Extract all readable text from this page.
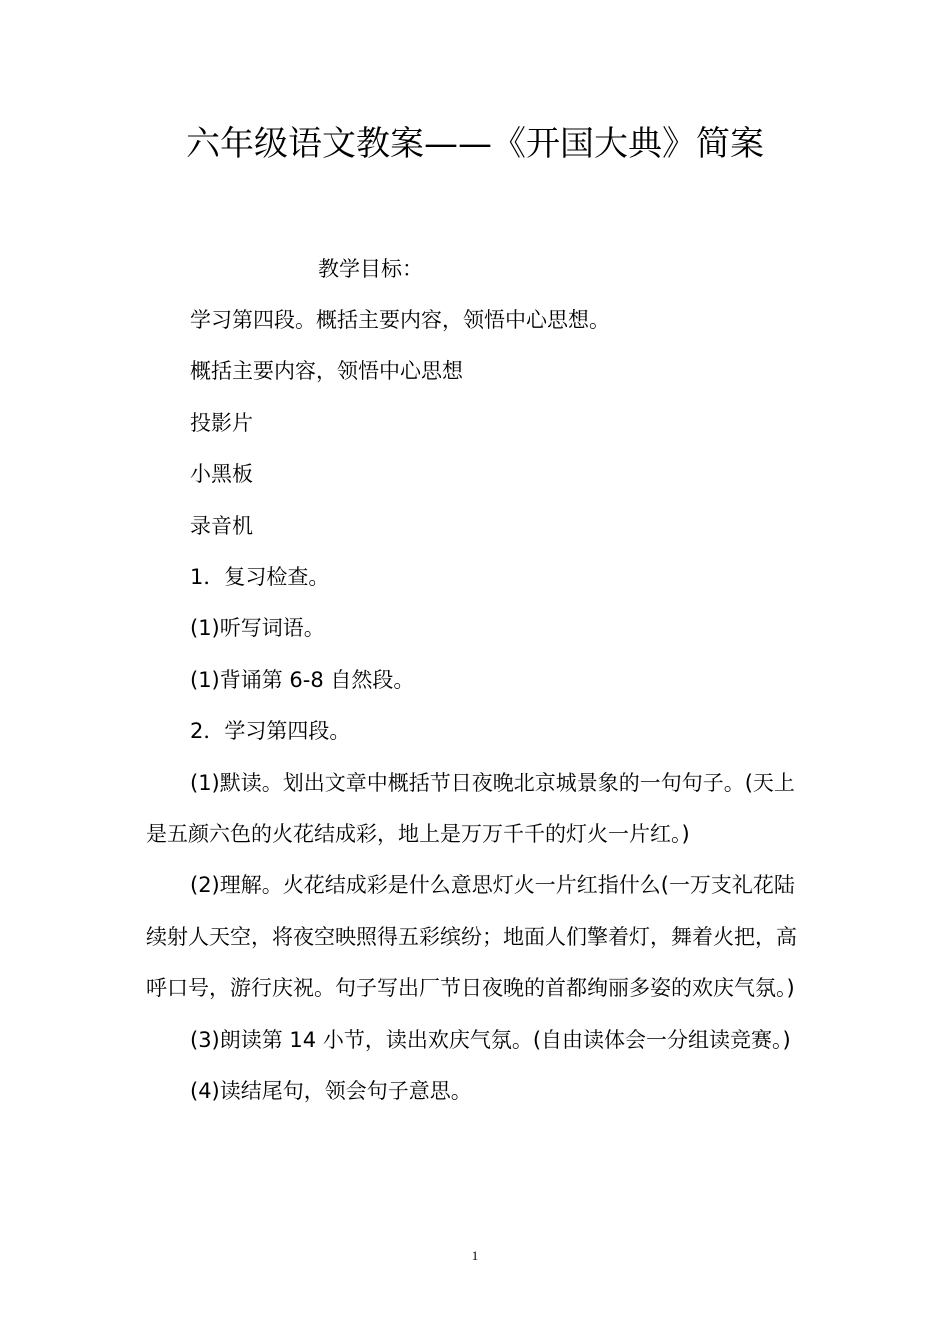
六年级语文教案——《开国大典》简案
教学目标：

学习第四段。概括主要内容，领悟中心思想。

概括主要内容，领悟中心思想

投影片

小黑板

录音机

1．复习检查。

(1)听写词语。

(1)背诵第 6-8 自然段。

2．学习第四段。

(1)默读。划出文章中概括节日夜晚北京城景象的一句句子。(天上是五颜六色的火花结成彩，地上是万万千千的灯火一片红。)

(2)理解。火花结成彩是什么意思灯火一片红指什么(一万支礼花陆续射人天空，将夜空映照得五彩缤纷；地面人们擎着灯，舞着火把，高呼口号，游行庆祝。句子写出厂节日夜晚的首都绚丽多姿的欢庆气氛。)

(3)朗读第 14 小节，读出欢庆气氛。(自由读体会一分组读竞赛。)

(4)读结尾句，领会句子意思。

1
